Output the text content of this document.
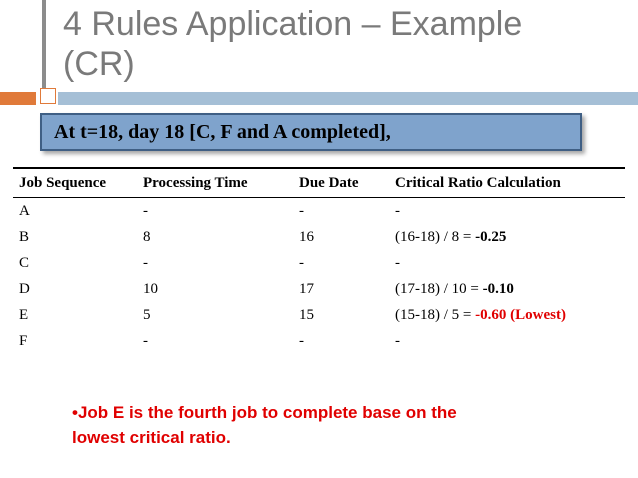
4 Rules Application – Example
(CR)
At t=18, day 18 [C, F and A completed],
Job Sequence	Processing Time	Due Date	Critical Ratio Calculation
A	-	-	-
B	8	16	(16-18) / 8 = -0.25
C	-	-	-
D	10	17	(17-18) / 10 = -0.10
E	5	15	(15-18) / 5 = -0.60 (Lowest)
F	-	-	-
•Job E is the fourth job to complete base on the
lowest critical ratio.
